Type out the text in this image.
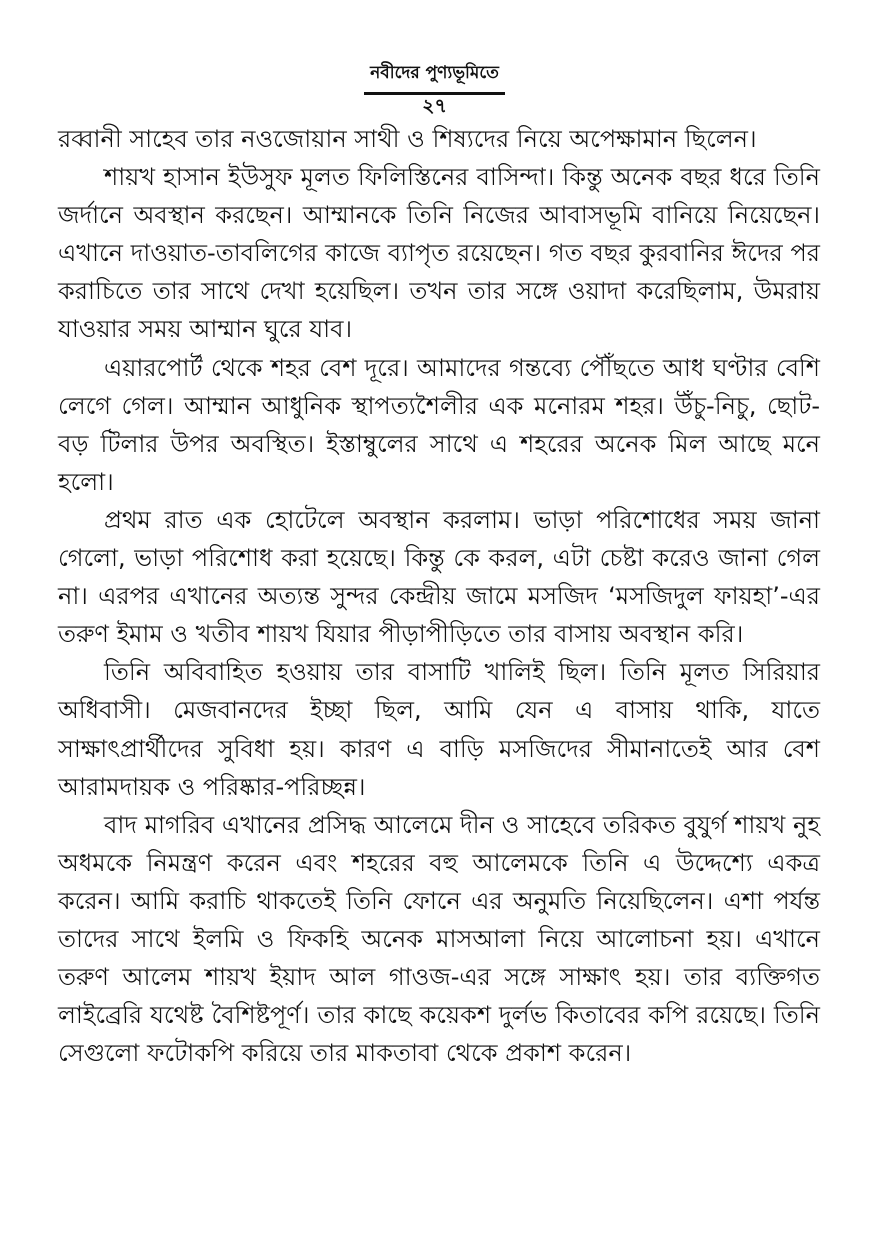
নবীদের পুণ্যভূমিতে
২৭

রব্বানী সাহেব তার নওজোয়ান সাথী ও শিষ্যদের নিয়ে অপেক্ষামান ছিলেন।

শায়খ হাসান ইউসুফ মূলত ফিলিস্তিনের বাসিন্দা। কিন্তু অনেক বছর ধরে তিনি জর্দানে অবস্থান করছেন। আম্মানকে তিনি নিজের আবাসভূমি বানিয়ে নিয়েছেন। এখানে দাওয়াত-তাবলিগের কাজে ব্যাপৃত রয়েছেন। গত বছর কুরবানির ঈদের পর করাচিতে তার সাথে দেখা হয়েছিল। তখন তার সঙ্গে ওয়াদা করেছিলাম, উমরায় যাওয়ার সময় আম্মান ঘুরে যাব।

এয়ারপোর্ট থেকে শহর বেশ দূরে। আমাদের গন্তব্যে পৌঁছতে আধ ঘণ্টার বেশি লেগে গেল। আম্মান আধুনিক স্থাপত্যশৈলীর এক মনোরম শহর। উঁচু-নিচু, ছোট-বড় টিলার উপর অবস্থিত। ইস্তাম্বুলের সাথে এ শহরের অনেক মিল আছে মনে হলো।

প্রথম রাত এক হোটেলে অবস্থান করলাম। ভাড়া পরিশোধের সময় জানা গেলো, ভাড়া পরিশোধ করা হয়েছে। কিন্তু কে করল, এটা চেষ্টা করেও জানা গেল না। এরপর এখানের অত্যন্ত সুন্দর কেন্দ্রীয় জামে মসজিদ ‘মসজিদুল ফায়হা’-এর তরুণ ইমাম ও খতীব শায়খ যিয়ার পীড়াপীড়িতে তার বাসায় অবস্থান করি।

তিনি অবিবাহিত হওয়ায় তার বাসাটি খালিই ছিল। তিনি মূলত সিরিয়ার অধিবাসী। মেজবানদের ইচ্ছা ছিল, আমি যেন এ বাসায় থাকি, যাতে সাক্ষাৎপ্রার্থীদের সুবিধা হয়। কারণ এ বাড়ি মসজিদের সীমানাতেই আর বেশ আরামদায়ক ও পরিষ্কার-পরিচ্ছন্ন।

বাদ মাগরিব এখানের প্রসিদ্ধ আলেমে দীন ও সাহেবে তরিকত বুযুর্গ শায়খ নুহ অধমকে নিমন্ত্রণ করেন এবং শহরের বহু আলেমকে তিনি এ উদ্দেশ্যে একত্র করেন। আমি করাচি থাকতেই তিনি ফোনে এর অনুমতি নিয়েছিলেন। এশা পর্যন্ত তাদের সাথে ইলমি ও ফিকহি অনেক মাসআলা নিয়ে আলোচনা হয়। এখানে তরুণ আলেম শায়খ ইয়াদ আল গাওজ-এর সঙ্গে সাক্ষাৎ হয়। তার ব্যক্তিগত লাইব্রেরি যথেষ্ট বৈশিষ্টপূর্ণ। তার কাছে কয়েকশ দুর্লভ কিতাবের কপি রয়েছে। তিনি সেগুলো ফটোকপি করিয়ে তার মাকতাবা থেকে প্রকাশ করেন।
